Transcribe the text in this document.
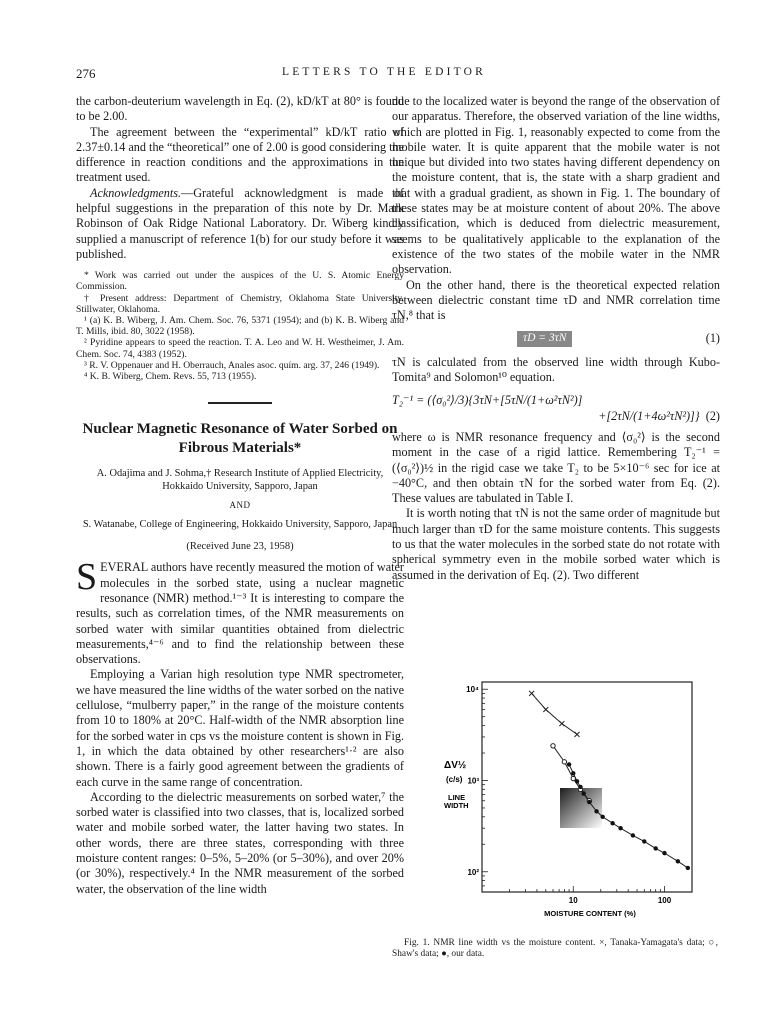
276	LETTERS TO THE EDITOR

the carbon-deuterium wavelength in Eq. (2), kD/kT at 80° is found to be 2.00.

The agreement between the “experimental” kD/kT ratio of 2.37±0.14 and the “theoretical” one of 2.00 is good considering the difference in reaction conditions and the approximations in the treatment used.

Acknowledgments.—Grateful acknowledgment is made of helpful suggestions in the preparation of this note by Dr. Mark Robinson of Oak Ridge National Laboratory. Dr. Wiberg kindly supplied a manuscript of reference 1(b) for our study before it was published.

* Work was carried out under the auspices of the U. S. Atomic Energy Commission.

† Present address: Department of Chemistry, Oklahoma State University, Stillwater, Oklahoma.

¹ (a) K. B. Wiberg, J. Am. Chem. Soc. 76, 5371 (1954); and (b) K. B. Wiberg and T. Mills, ibid. 80, 3022 (1958).

² Pyridine appears to speed the reaction. T. A. Leo and W. H. Westheimer, J. Am. Chem. Soc. 74, 4383 (1952).

³ R. V. Oppenauer and H. Oberrauch, Anales asoc. quím. arg. 37, 246 (1949).

⁴ K. B. Wiberg, Chem. Revs. 55, 713 (1955).

Nuclear Magnetic Resonance of Water Sorbed on Fibrous Materials*
A. Odajima and J. Sohma,† Research Institute of Applied Electricity, Hokkaido University, Sapporo, Japan
AND
S. Watanabe, College of Engineering, Hokkaido University, Sapporo, Japan
(Received June 23, 1958)

SEVERAL authors have recently measured the motion of water molecules in the sorbed state, using a nuclear magnetic resonance (NMR) method.¹⁻³ It is interesting to compare the results, such as correlation times, of the NMR measurements on sorbed water with similar quantities obtained from dielectric measurements,⁴⁻⁶ and to find the relationship between these observations.

Employing a Varian high resolution type NMR spectrometer, we have measured the line widths of the water sorbed on the native cellulose, “mulberry paper,” in the range of the moisture contents from 10 to 180% at 20°C. Half-width of the NMR absorption line for the sorbed water in cps vs the moisture content is shown in Fig. 1, in which the data obtained by other researchers¹·² are also shown. There is a fairly good agreement between the gradients of each curve in the same range of concentration.

According to the dielectric measurements on sorbed water,⁷ the sorbed water is classified into two classes, that is, localized sorbed water and mobile sorbed water, the latter having two states. In other words, there are three states, corresponding with three moisture content ranges: 0–5%, 5–20% (or 5–30%), and over 20% (or 30%), respectively.⁴ In the NMR measurement of the sorbed water, the observation of the line width

due to the localized water is beyond the range of the observation of our apparatus. Therefore, the observed variation of the line widths, which are plotted in Fig. 1, reasonably expected to come from the mobile water. It is quite apparent that the mobile water is not unique but divided into two states having different dependency on the moisture content, that is, the state with a sharp gradient and that with a gradual gradient, as shown in Fig. 1. The boundary of these states may be at moisture content of about 20%. The above classification, which is deduced from dielectric measurement, seems to be qualitatively applicable to the explanation of the existence of the two states of the mobile water in the NMR observation.

On the other hand, there is the theoretical expected relation between dielectric constant time τD and NMR correlation time τN,⁸ that is

τD = 3τN	(1)

τN is calculated from the observed line width through Kubo-Tomita⁹ and Solomon¹⁰ equation.

T₂⁻¹ = (⟨σ₀²⟩/3){3τN+[5τN/(1+ω²τN²)]
+[2τN/(1+4ω²τN²)]} (2)

where ω is NMR resonance frequency and ⟨σ₀²⟩ is the second moment in the case of a rigid lattice. Remembering T₂⁻¹ = (⟨σ₀²⟩)½ in the rigid case we take T₂ to be 5×10⁻⁶ sec for ice at −40°C, and then obtain τN for the sorbed water from Eq. (2). These values are tabulated in Table I.

It is worth noting that τN is not the same order of magnitude but much larger than τD for the same moisture contents. This suggests to us that the water molecules in the sorbed state do not rotate with spherical symmetry even in the mobile sorbed water which is assumed in the derivation of Eq. (2). Two different

10⁴
10³
10²
10	100
ΔV½
(c/s)
LINE
WIDTH
MOISTURE CONTENT (%)
Fig. 1. NMR line width vs the moisture content. ×, Tanaka-Yamagata's data; ○, Shaw's data; ●, our data.
